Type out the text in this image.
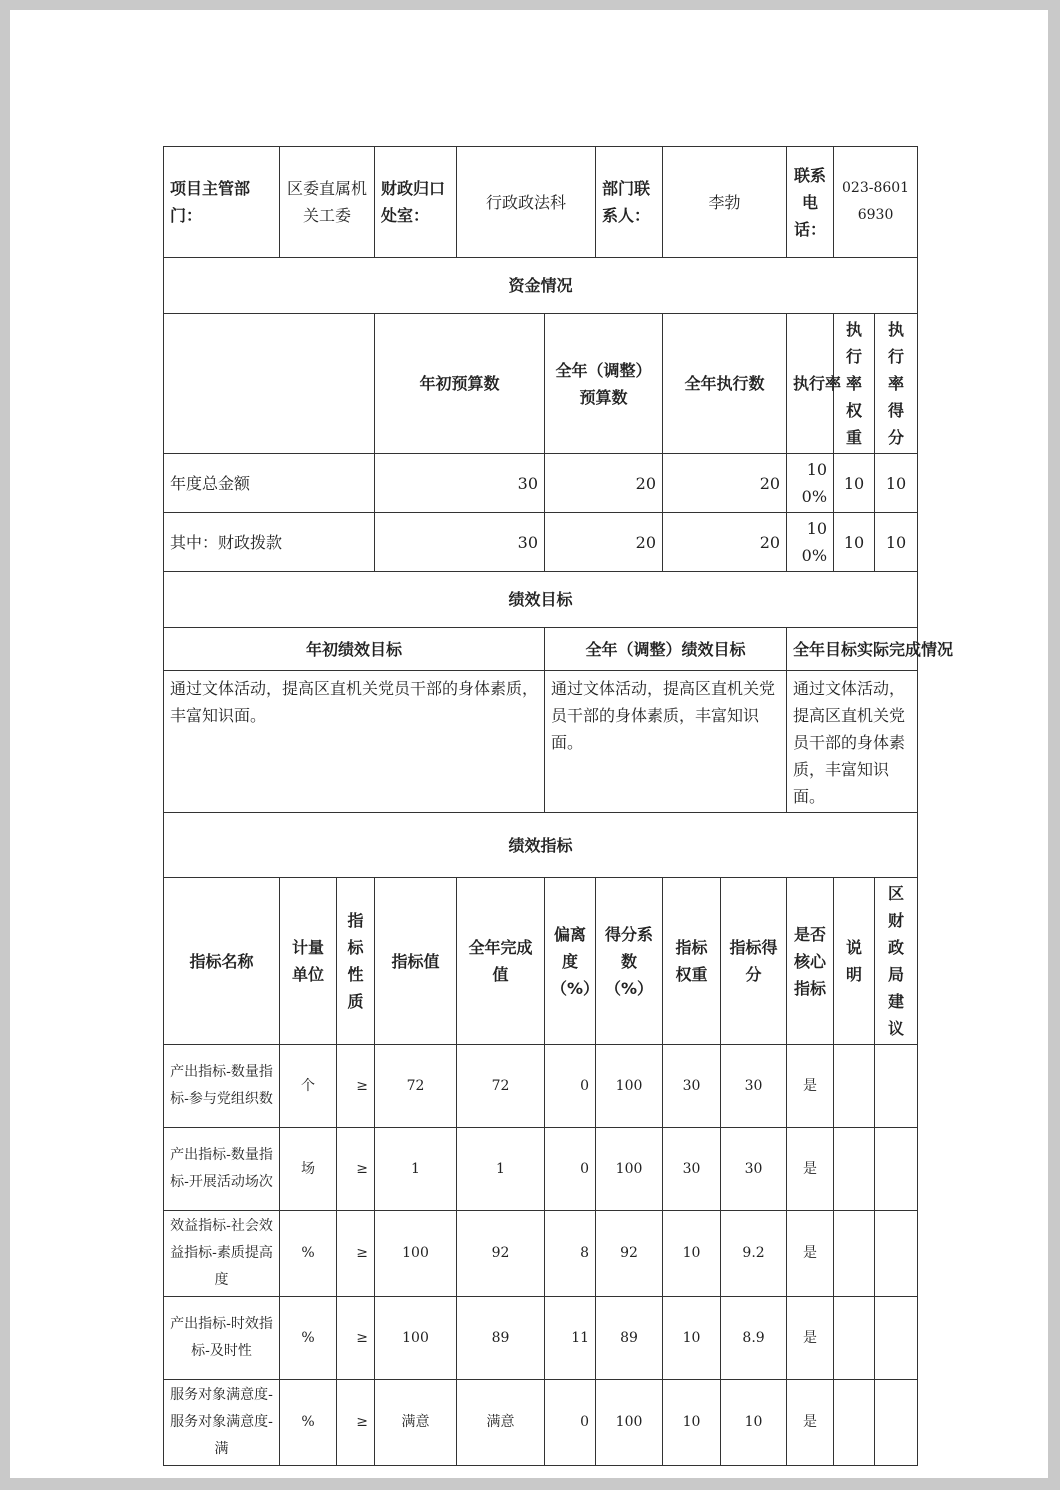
项目主管部门：	区委直属机关工委		财政归口处室：	行政政法科		部门联系人：	李勃		联系电话：	023-86016930	
资金情况											
			年初预算数		全年（调整）预算数		全年执行数		执行率	执行率权重	执行率得分
年度总金额			30		20		20		100%	10	10
其中：财政拨款			30		20		20		100%	10	10
绩效目标											
年初绩效目标					全年（调整）绩效目标				全年目标实际完成情况		
通过文体活动，提高区直机关党员干部的身体素质，丰富知识面。					通过文体活动，提高区直机关党员干部的身体素质，丰富知识面。				通过文体活动，提高区直机关党员干部的身体素质，丰富知识面。		
绩效指标											
指标名称	计量单位	指标性质	指标值	全年完成值	偏离度（%）	得分系数（%）	指标权重	指标得分	是否核心指标	说明	区财政局建议
产出指标-数量指标-参与党组织数	个	≥	72	72	0	100	30	30	是		
产出指标-数量指标-开展活动场次	场	≥	1	1	0	100	30	30	是		
效益指标-社会效益指标-素质提高度	%	≥	100	92	8	92	10	9.2	是		
产出指标-时效指标-及时性	%	≥	100	89	11	89	10	8.9	是		
服务对象满意度-服务对象满意度-满	%	≥	满意	满意	0	100	10	10	是		
